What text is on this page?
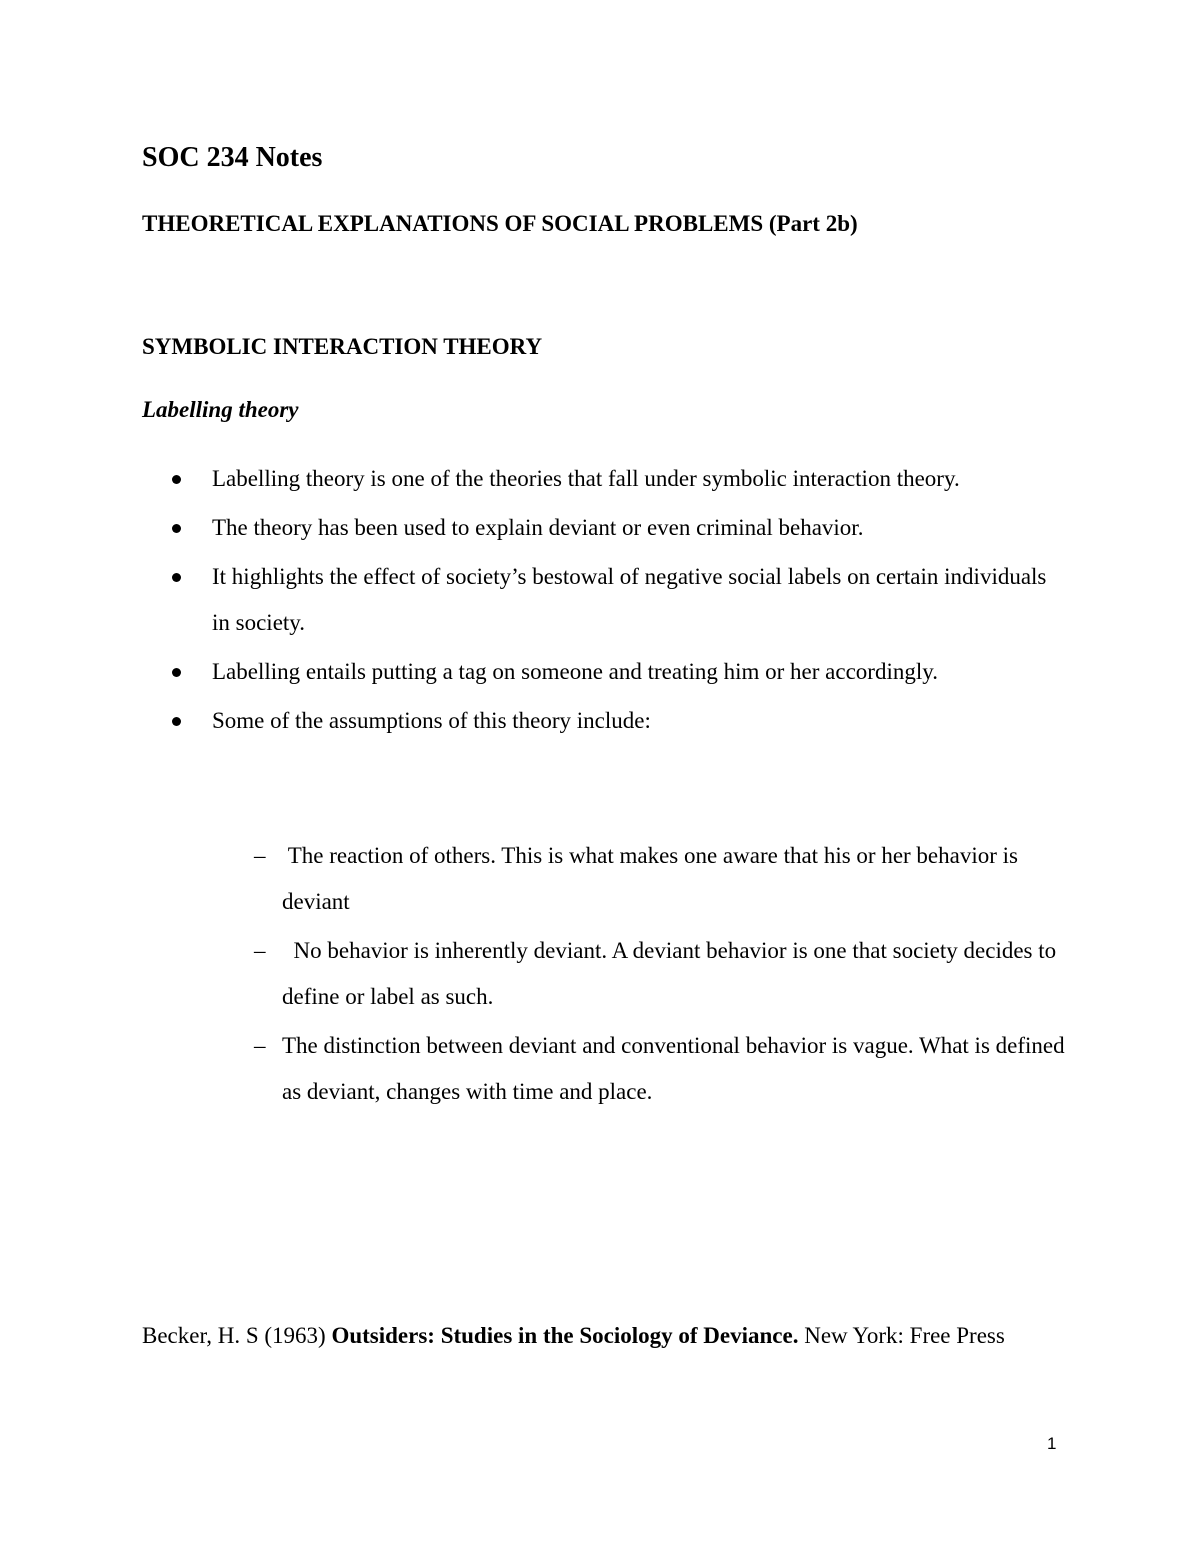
SOC 234 Notes
THEORETICAL EXPLANATIONS OF SOCIAL PROBLEMS (Part 2b)
SYMBOLIC INTERACTION THEORY
Labelling theory
Labelling theory is one of the theories that fall under symbolic interaction theory.
The theory has been used to explain deviant or even criminal behavior.
It highlights the effect of society’s bestowal of negative social labels on certain individuals in society.
Labelling entails putting a tag on someone and treating him or her accordingly.
Some of the assumptions of this theory include:
– The reaction of others. This is what makes one aware that his or her behavior is deviant
– No behavior is inherently deviant. A deviant behavior is one that society decides to define or label as such.
– The distinction between deviant and conventional behavior is vague. What is defined as deviant, changes with time and place.
Becker, H. S (1963) Outsiders: Studies in the Sociology of Deviance. New York: Free Press
1
